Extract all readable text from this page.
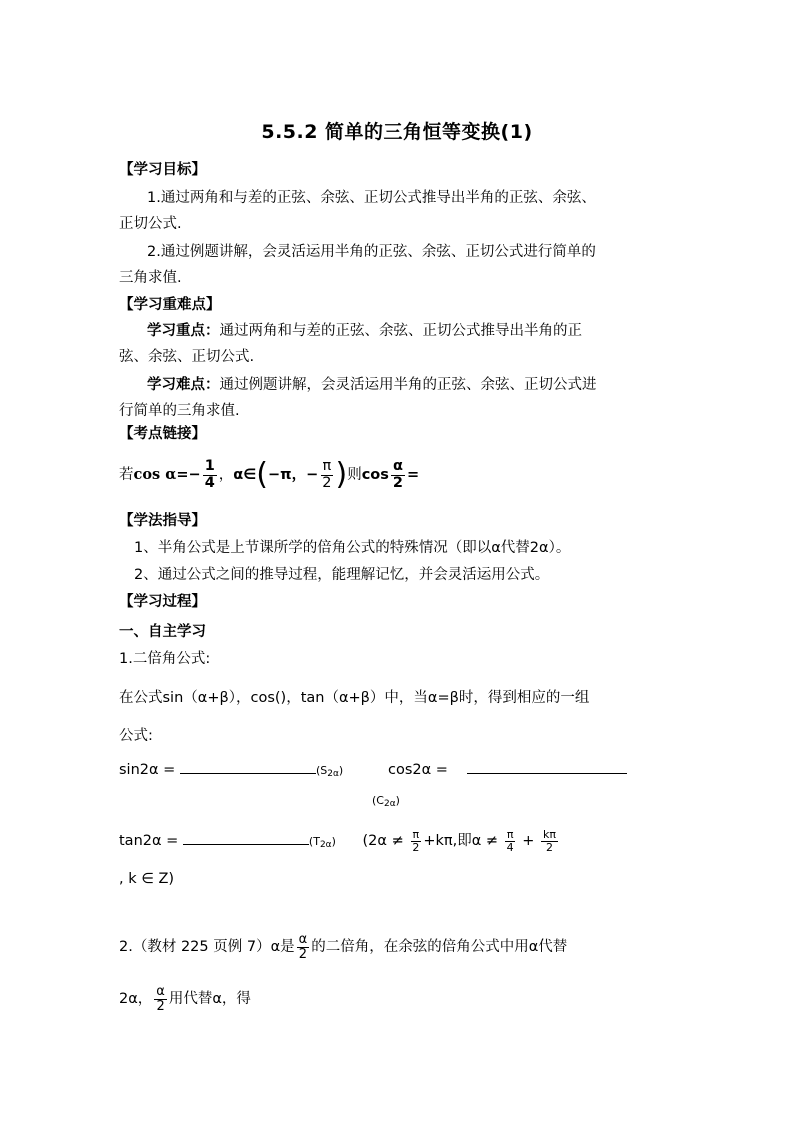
5.5.2 简单的三角恒等变换(1)
【学习目标】
1.通过两角和与差的正弦、余弦、正切公式推导出半角的正弦、余弦、
正切公式.
2.通过例题讲解，会灵活运用半角的正弦、余弦、正切公式进行简单的
三角求值.
【学习重难点】
学习重点：通过两角和与差的正弦、余弦、正切公式推导出半角的正
弦、余弦、正切公式.
学习难点：通过例题讲解，会灵活运用半角的正弦、余弦、正切公式进
行简单的三角求值.
【考点链接】
若$\cos \alpha=- \frac{1}{4}$ ，α∈(−π，− $\frac{\pi}{2}$ )则$\cos \frac{\alpha}{2}$ =
【学法指导】
1、半角公式是上节课所学的倍角公式的特殊情况（即以α代替2α）。
2、通过公式之间的推导过程，能理解记忆，并会灵活运用公式。
【学习过程】
一、自主学习
1.二倍角公式:
在公式sin（α+β），cos()，tan（α+β）中，当α=β时，得到相应的一组
公式:
sin2α =	$(S_{2\alpha})$	cos2α =
$(C_{2\alpha})$
tan2α =	$(T_{2\alpha}) (2\alpha \ne \frac{\pi}{2} +k\pi$,即$\alpha \ne \frac{\pi}{4} + \frac{k\pi}{2}$
, k ∈ Z)
2.（教材 225 页例 7）α是 $\frac{\alpha}{2}$ 的二倍角，在余弦的倍角公式中用α代替
2α， $\frac{\alpha}{2}$ 用代替α，得
